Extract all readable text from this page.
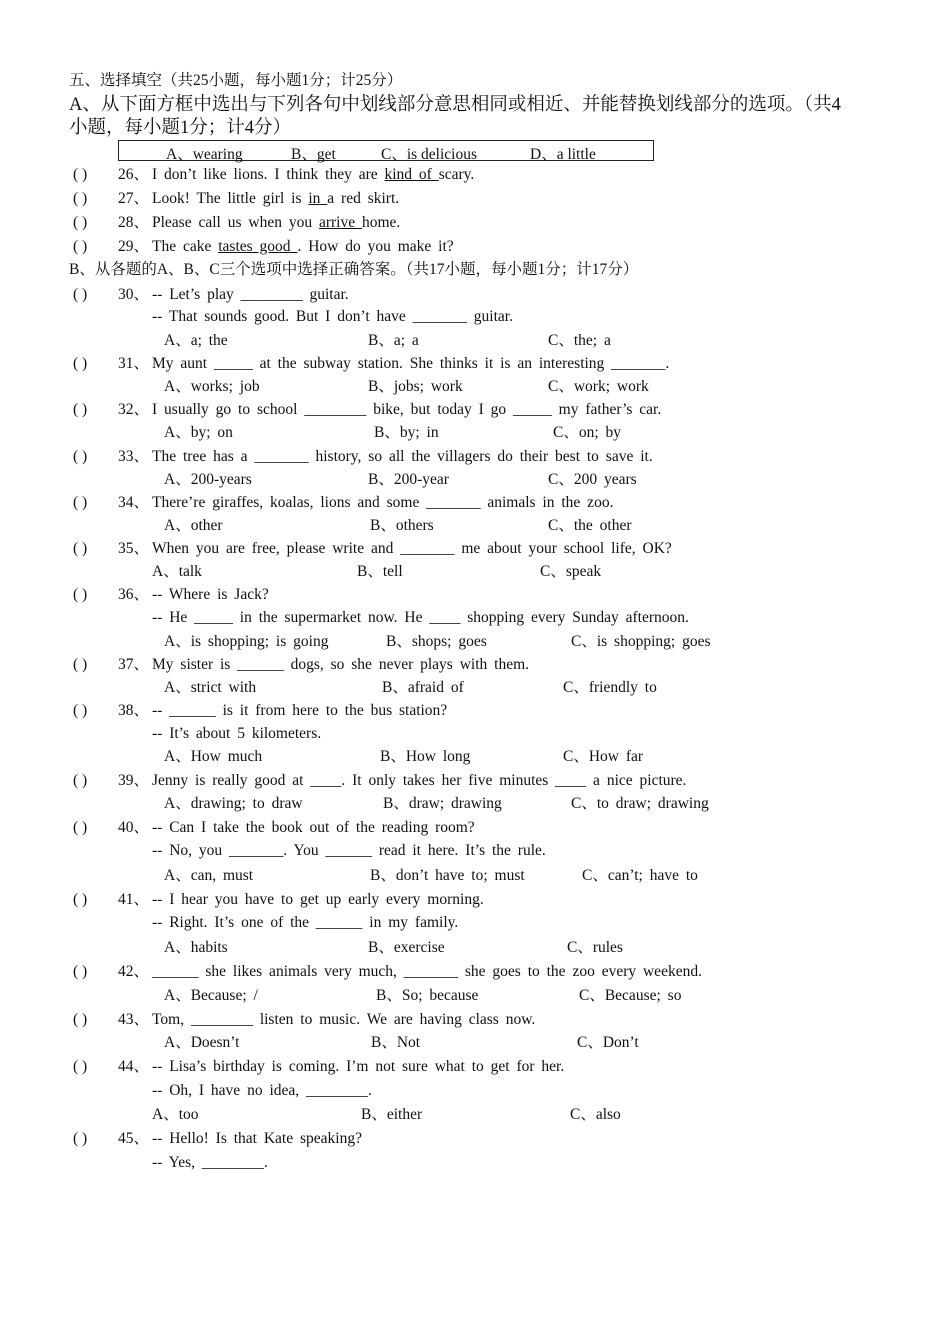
五、选择填空（共25小题，每小题1分；计25分）
A、从下面方框中选出与下列各句中划线部分意思相同或相近、并能替换划线部分的选项。（共4
小题，每小题1分；计4分）
A、wearing	B、get	C、is delicious	D、a little
( ) 26、 I don’t like lions. I think they are kind of scary.
( ) 27、 Look! The little girl is in a red skirt.
( ) 28、 Please call us when you arrive home.
( ) 29、 The cake tastes good . How do you make it?
B、从各题的A、B、C三个选项中选择正确答案。（共17小题，每小题1分；计17分）
( ) 30、 -- Let’s play ________ guitar.
-- That sounds good. But I don’t have _______ guitar.
A、a; the	B、a; a	C、the; a
( ) 31、 My aunt _____ at the subway station. She thinks it is an interesting _______.
A、works; job	B、jobs; work	C、work; work
( ) 32、 I usually go to school ________ bike, but today I go _____ my father’s car.
A、by; on	B、by; in	C、on; by
( ) 33、 The tree has a _______ history, so all the villagers do their best to save it.
A、200-years	B、200-year	C、200 years
( ) 34、 There’re giraffes, koalas, lions and some _______ animals in the zoo.
A、other	B、others	C、the other
( ) 35、 When you are free, please write and _______ me about your school life, OK?
A、talk	B、tell	C、speak
( ) 36、 -- Where is Jack?
-- He _____ in the supermarket now. He ____ shopping every Sunday afternoon.
A、is shopping; is going	B、shops; goes	C、is shopping; goes
( ) 37、 My sister is ______ dogs, so she never plays with them.
A、strict with	B、afraid of	C、friendly to
( ) 38、 -- ______ is it from here to the bus station?
-- It’s about 5 kilometers.
A、How much	B、How long	C、How far
( ) 39、 Jenny is really good at ____. It only takes her five minutes ____ a nice picture.
A、drawing; to draw	B、draw; drawing	C、to draw; drawing
( ) 40、 -- Can I take the book out of the reading room?
-- No, you _______. You ______ read it here. It’s the rule.
A、can, must	B、don’t have to; must	C、can’t; have to
( ) 41、 -- I hear you have to get up early every morning.
-- Right. It’s one of the ______ in my family.
A、habits	B、exercise	C、rules
( ) 42、 ______ she likes animals very much, _______ she goes to the zoo every weekend.
A、Because; /	B、So; because	C、Because; so
( ) 43、 Tom, ________ listen to music. We are having class now.
A、Doesn’t	B、Not	C、Don’t
( ) 44、 -- Lisa’s birthday is coming. I’m not sure what to get for her.
-- Oh, I have no idea, ________.
A、too	B、either	C、also
( ) 45、 -- Hello! Is that Kate speaking?
-- Yes, ________.
